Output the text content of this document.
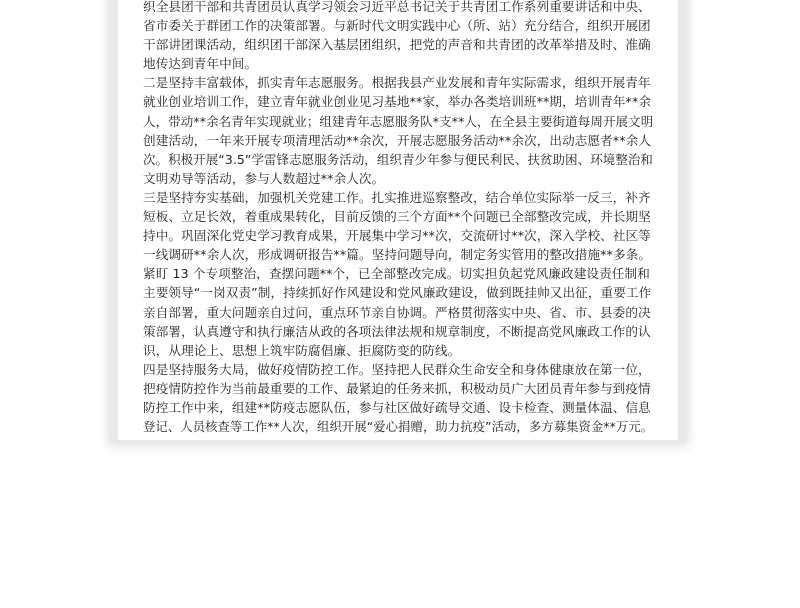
织全县团干部和共青团员认真学习领会习近平总书记关于共青团工作系列重要讲话和中央、
省市委关于群团工作的决策部署。与新时代文明实践中心（所、站）充分结合，组织开展团
干部讲团课活动，组织团干部深入基层团组织，把党的声音和共青团的改革举措及时、准确
地传达到青年中间。
二是坚持丰富载体，抓实青年志愿服务。根据我县产业发展和青年实际需求，组织开展青年
就业创业培训工作，建立青年就业创业见习基地**家，举办各类培训班**期，培训青年**余
人，带动**余名青年实现就业；组建青年志愿服务队*支**人，在全县主要街道每周开展文明
创建活动，一年来开展专项清理活动**余次，开展志愿服务活动**余次，出动志愿者**余人
次。积极开展“3.5”学雷锋志愿服务活动，组织青少年参与便民利民、扶贫助困、环境整治和
文明劝导等活动，参与人数超过**余人次。
三是坚持夯实基础，加强机关党建工作。扎实推进巡察整改，结合单位实际举一反三，补齐
短板、立足长效，着重成果转化，目前反馈的三个方面**个问题已全部整改完成，并长期坚
持中。巩固深化党史学习教育成果，开展集中学习**次，交流研讨**次，深入学校、社区等
一线调研**余人次，形成调研报告**篇。坚持问题导向，制定务实管用的整改措施**多条。
紧盯 13 个专项整治，查摆问题**个，已全部整改完成。切实担负起党风廉政建设责任制和
主要领导“一岗双责”制，持续抓好作风建设和党风廉政建设，做到既挂帅又出征，重要工作
亲自部署，重大问题亲自过问，重点环节亲自协调。严格贯彻落实中央、省、市、县委的决
策部署，认真遵守和执行廉洁从政的各项法律法规和规章制度，不断提高党风廉政工作的认
识，从理论上、思想上筑牢防腐倡廉、拒腐防变的防线。
四是坚持服务大局，做好疫情防控工作。坚持把人民群众生命安全和身体健康放在第一位，
把疫情防控作为当前最重要的工作、最紧迫的任务来抓，积极动员广大团员青年参与到疫情
防控工作中来，组建**防疫志愿队伍，参与社区做好疏导交通、设卡检查、测量体温、信息
登记、人员核查等工作**人次，组织开展“爱心捐赠，助力抗疫”活动，多方募集资金**万元。
